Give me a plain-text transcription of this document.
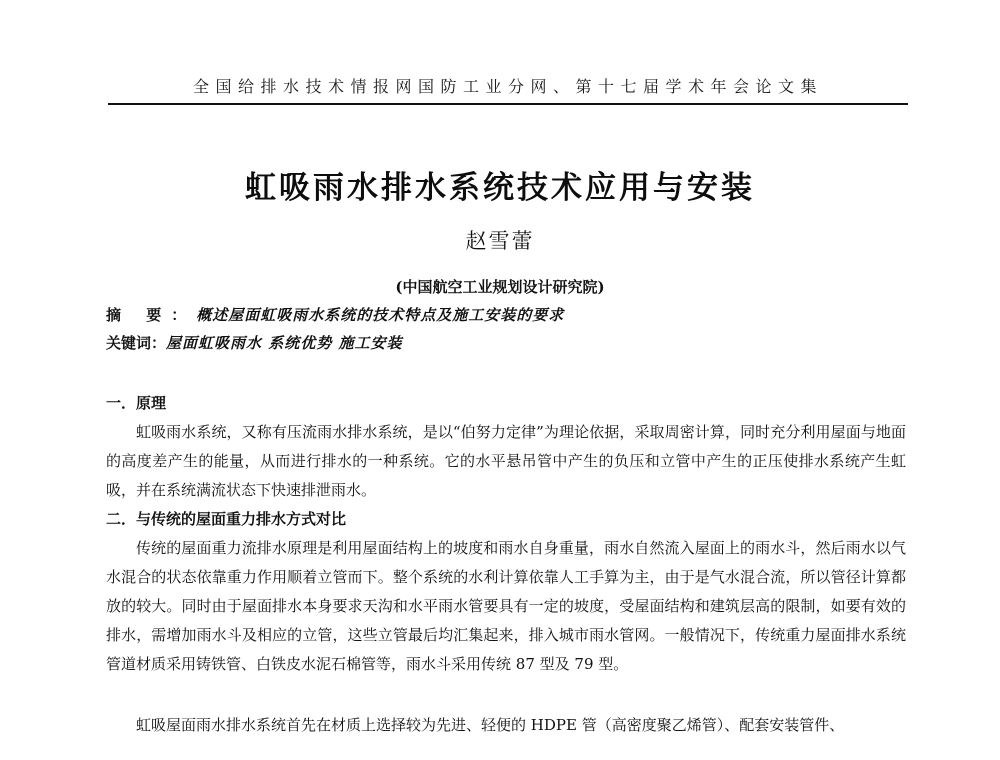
全国给排水技术情报网国防工业分网、第十七届学术年会论文集
虹吸雨水排水系统技术应用与安装
赵雪蕾
(中国航空工业规划设计研究院)
摘 要：概述屋面虹吸雨水系统的技术特点及施工安装的要求
关键词：屋面虹吸雨水 系统优势 施工安装
一．原理

虹吸雨水系统，又称有压流雨水排水系统，是以“伯努力定律”为理论依据，采取周密计算，同时充分利用屋面与地面的高度差产生的能量，从而进行排水的一种系统。它的水平悬吊管中产生的负压和立管中产生的正压使排水系统产生虹吸，并在系统满流状态下快速排泄雨水。

二．与传统的屋面重力排水方式对比

传统的屋面重力流排水原理是利用屋面结构上的坡度和雨水自身重量，雨水自然流入屋面上的雨水斗，然后雨水以气水混合的状态依靠重力作用顺着立管而下。整个系统的水利计算依靠人工手算为主，由于是气水混合流，所以管径计算都放的较大。同时由于屋面排水本身要求天沟和水平雨水管要具有一定的坡度，受屋面结构和建筑层高的限制，如要有效的排水，需增加雨水斗及相应的立管，这些立管最后均汇集起来，排入城市雨水管网。一般情况下，传统重力屋面排水系统管道材质采用铸铁管、白铁皮水泥石棉管等，雨水斗采用传统 87 型及 79 型。

虹吸屋面雨水排水系统首先在材质上选择较为先进、轻便的 HDPE 管（高密度聚乙烯管）、配套安装管件、
